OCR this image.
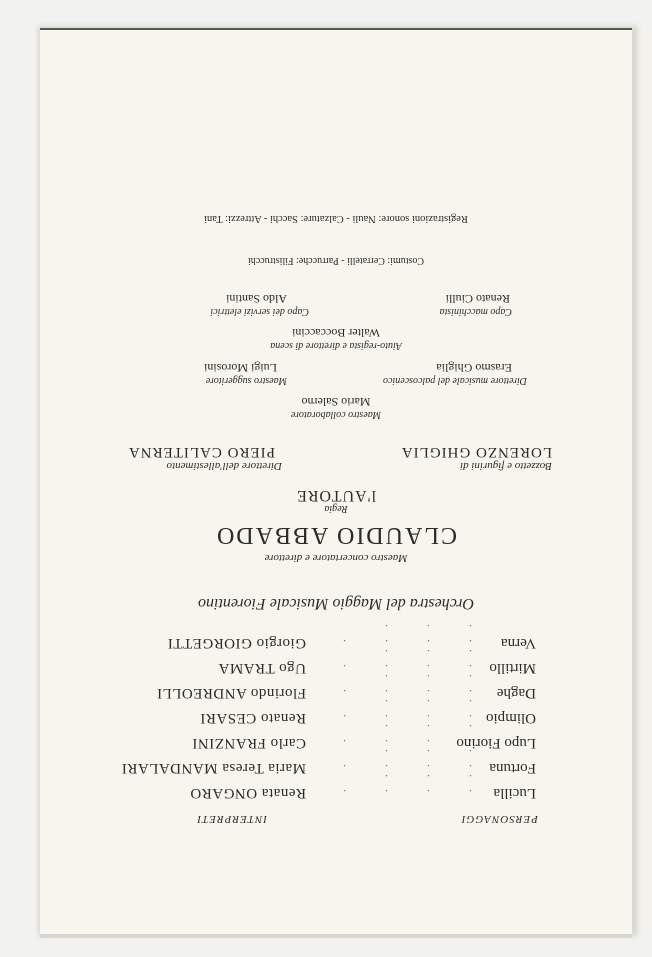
PERSONAGGI
INTERPRETI
Lucilla
. . . . . . .
Renata ONGARO
Fortuna
. . . . . . .
Maria Teresa MANDALARI
Lupo Fiorino
. . . . . . .
Carlo FRANZINI
Olimpio
. . . . . . .
Renato CESARI
Daghe
. . . . . . .
Florindo ANDREOLLI
Mirtillo
. . . . . . .
Ugo TRAMA
Verna
. . . . . . .
Giorgio GIORGETTI
Orchestra del Maggio Musicale Fiorentino
Maestro concertatore e direttore
CLAUDIO ABBADO
Regia
l'AUTORE
Bozzetto e figurini di
LORENZO GHIGLIA
Direttore dell'allestimento
PIERO CALITERNA
Maestro collaboratore
Mario Salerno
Direttore musicale del palcoscenico
Erasmo Ghiglia
Maestro suggeritore
Luigi Morosini
Aiuto-regista e direttore di scena
Walter Boccaccini
Capo macchinista
Renato Ciulli
Capo dei servizi elettrici
Aldo Santini
Costumi: Cerratelli - Parrucche: Filistrucchi
Registrazioni sonore: Nauli - Calzature: Sacchi - Attrezzi: Tani
